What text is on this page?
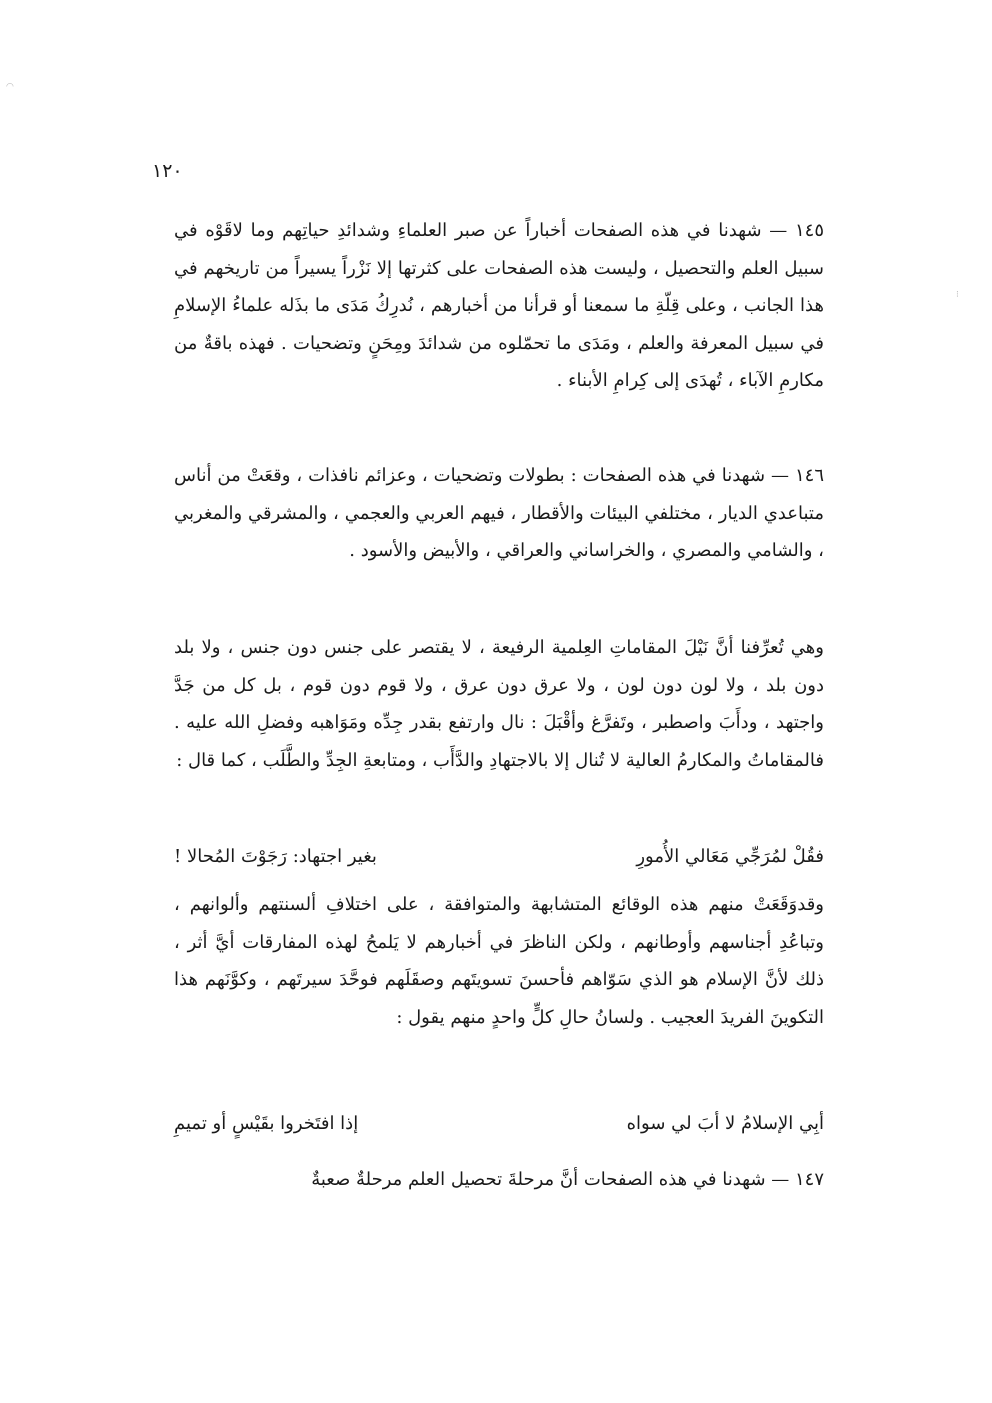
◠
⁝
١٢٠

١٤٥ — شهدنا في هذه الصفحات أخباراً عن صبر العلماءِ وشدائدِ حياتِهم وما لاقَوْه في سبيل العلم والتحصيل ، وليست هذه الصفحات على كثرتها إلا نَزْراً يسيراً من تاريخهم في هذا الجانب ، وعلى قِلّةِ ما سمعنا أو قرأنا من أخبارهم ، نُدرِكُ مَدَى ما بذَله علماءُ الإسلامِ في سبيل المعرفة والعلم ، ومَدَى ما تحمّلوه من شدائدَ ومِحَنٍ وتضحيات . فهذه باقةٌ من مكارمِ الآباء ، تُهدَى إلى كِرامِ الأبناء .

١٤٦ — شهدنا في هذه الصفحات : بطولات وتضحيات ، وعزائم نافذات ، وقعَتْ من أناس متباعدي الديار ، مختلفي البيئات والأقطار ، فيهم العربي والعجمي ، والمشرقي والمغربي ، والشامي والمصري ، والخراساني والعراقي ، والأبيض والأسود .

وهي تُعرِّفنا أنَّ نَيْلَ المقاماتِ العِلمية الرفيعة ، لا يقتصر على جنس دون جنس ، ولا بلد دون بلد ، ولا لون دون لون ، ولا عرق دون عرق ، ولا قوم دون قوم ، بل كل من جَدَّ واجتهد ، ودأَبَ واصطبر ، وتَفرَّغ وأقْبَلَ : نال وارتفع بقدر جِدِّه ومَوَاهبه وفضلِ الله عليه . فالمقاماتُ والمكارمُ العالية لا تُنال إلا بالاجتهادِ والدَّأَب ، ومتابعةِ الجِدِّ والطَّلَب ، كما قال :

فقُلْ لمُرَجِّي مَعَالي الأُمورِ
بغير اجتهاد: رَجَوْتَ المُحالا !

وقدوَقَعَتْ منهم هذه الوقائع المتشابهة والمتوافقة ، على اختلافِ ألسنتهم وألوانهم ، وتباعُدِ أجناسهم وأوطانهم ، ولكن الناظرَ في أخبارهم لا يَلمحُ لهذه المفارقات أيَّ أثر ، ذلك لأنَّ الإسلام هو الذي سَوّاهم فأحسنَ تسويتَهم وصقَلَهم فوحَّدَ سيرتَهم ، وكوَّنَهم هذا التكوينَ الفريدَ العجيب . ولسانُ حالِ كلٍّ واحدٍ منهم يقول :

أبِي الإسلامُ لا أبَ لي سواه
إذا افتَخروا بقَيْسٍ أو تميمِ

١٤٧ — شهدنا في هذه الصفحات أنَّ مرحلةَ تحصيل العلم مرحلةٌ صعبةٌ
